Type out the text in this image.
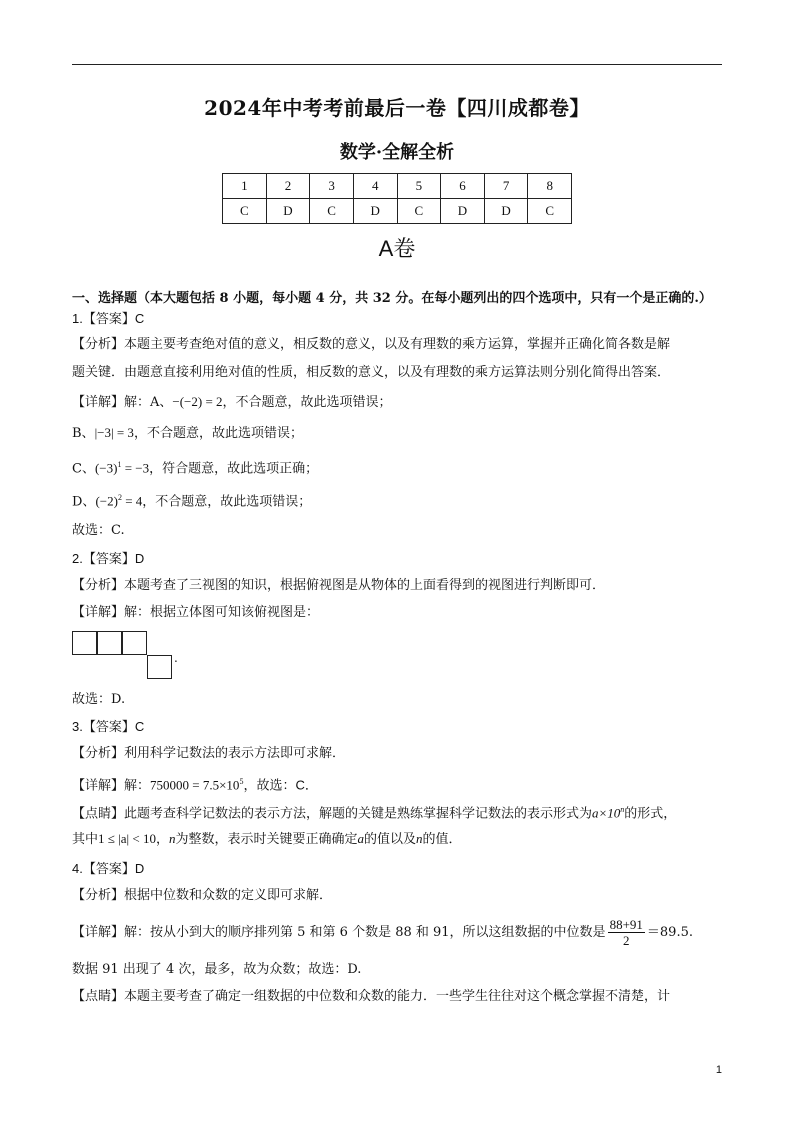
2024年中考考前最后一卷【四川成都卷】
数学·全解全析
1	2	3	4	5	6	7	8
C	D	C	D	C	D	D	C
A卷
一、选择题（本大题包括 8 小题，每小题 4 分，共 32 分。在每小题列出的四个选项中，只有一个是正确的.）
1.【答案】C
【分析】本题主要考查绝对值的意义，相反数的意义，以及有理数的乘方运算，掌握并正确化简各数是解
题关键．由题意直接利用绝对值的性质，相反数的意义，以及有理数的乘方运算法则分别化简得出答案．
【详解】解：A、−(−2) = 2，不合题意，故此选项错误；
B、|−3| = 3，不合题意，故此选项错误；
C、$(-3)^1 = -3$，符合题意，故此选项正确；
D、$(-2)^2 = 4$，不合题意，故此选项错误；
故选：C.
2.【答案】D
【分析】本题考查了三视图的知识，根据俯视图是从物体的上面看得到的视图进行判断即可．
【详解】解：根据立体图可知该俯视图是：
.
故选：D.
3.【答案】C
【分析】利用科学记数法的表示方法即可求解．
【详解】解：$750000 = 7.5\times 10^5$，故选：C．
【点睛】此题考查科学记数法的表示方法，解题的关键是熟练掌握科学记数法的表示形式为$a\times 10^n$的形式，
其中1 ≤ |a| < 10，n为整数，表示时关键要正确确定a的值以及n的值．
4.【答案】D
【分析】根据中位数和众数的定义即可求解．
【详解】解：按从小到大的顺序排列第 5 和第 6 个数是 88 和 91，所以这组数据的中位数是 $\frac{88+91}{2} =89.5$.
数据 91 出现了 4 次，最多，故为众数；故选：D.
【点睛】本题主要考查了确定一组数据的中位数和众数的能力．一些学生往往对这个概念掌握不清楚，计
1
